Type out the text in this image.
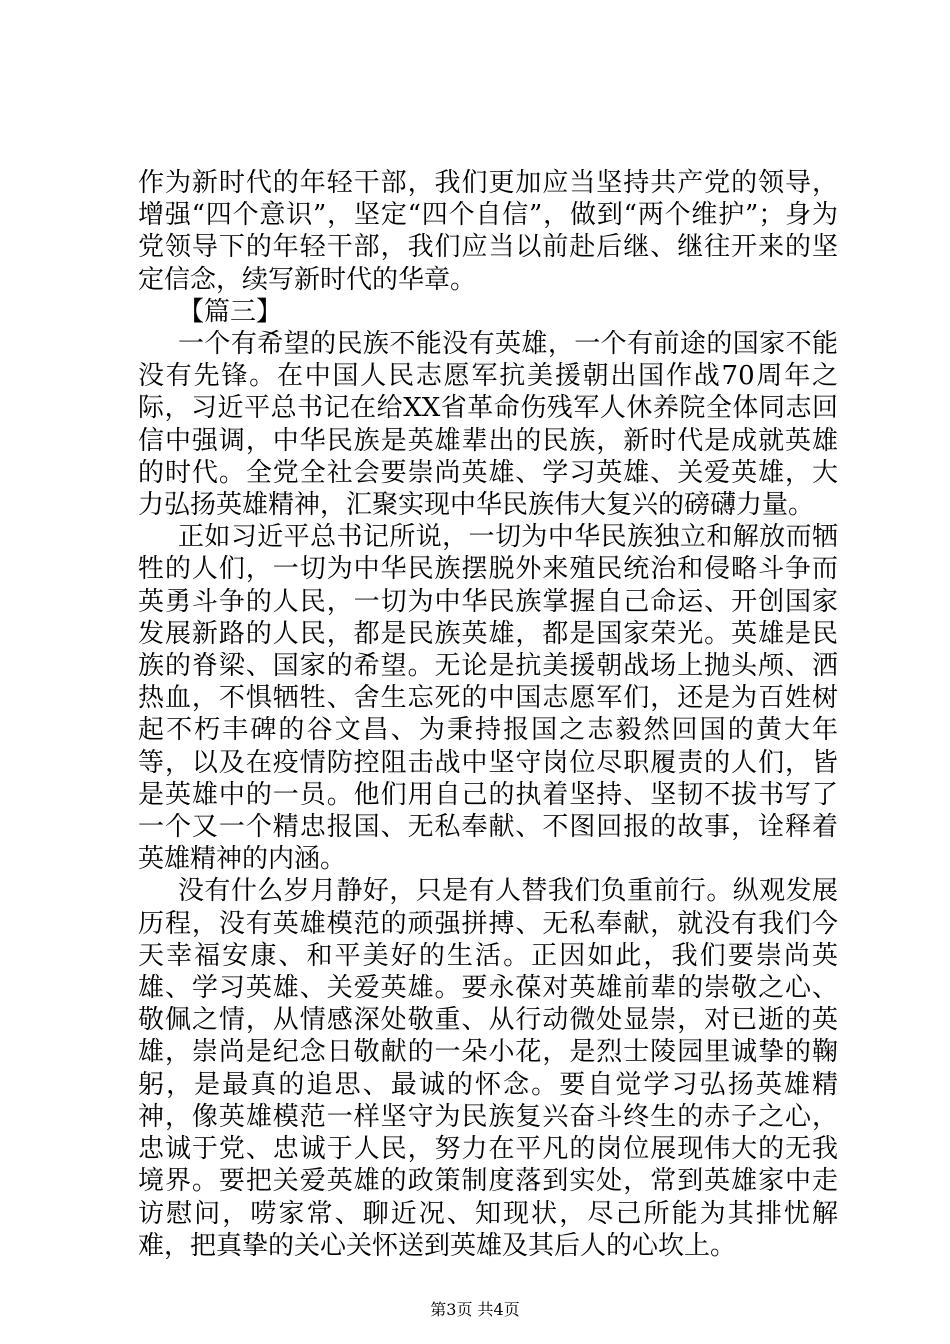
作为新时代的年轻干部，我们更加应当坚持共产党的领导，增强“四个意识”，坚定“四个自信”，做到“两个维护”；身为党领导下的年轻干部，我们应当以前赴后继、继往开来的坚定信念，续写新时代的华章。

【篇三】

一个有希望的民族不能没有英雄，一个有前途的国家不能没有先锋。在中国人民志愿军抗美援朝出国作战70周年之际，习近平总书记在给XX省革命伤残军人休养院全体同志回信中强调，中华民族是英雄辈出的民族，新时代是成就英雄的时代。全党全社会要崇尚英雄、学习英雄、关爱英雄，大力弘扬英雄精神，汇聚实现中华民族伟大复兴的磅礴力量。

正如习近平总书记所说，一切为中华民族独立和解放而牺牲的人们，一切为中华民族摆脱外来殖民统治和侵略斗争而英勇斗争的人民，一切为中华民族掌握自己命运、开创国家发展新路的人民，都是民族英雄，都是国家荣光。英雄是民族的脊梁、国家的希望。无论是抗美援朝战场上抛头颅、洒热血，不惧牺牲、舍生忘死的中国志愿军们，还是为百姓树起不朽丰碑的谷文昌、为秉持报国之志毅然回国的黄大年等，以及在疫情防控阻击战中坚守岗位尽职履责的人们，皆是英雄中的一员。他们用自己的执着坚持、坚韧不拔书写了一个又一个精忠报国、无私奉献、不图回报的故事，诠释着英雄精神的内涵。

没有什么岁月静好，只是有人替我们负重前行。纵观发展历程，没有英雄模范的顽强拼搏、无私奉献，就没有我们今天幸福安康、和平美好的生活。正因如此，我们要崇尚英雄、学习英雄、关爱英雄。要永葆对英雄前辈的崇敬之心、敬佩之情，从情感深处敬重、从行动微处显崇，对已逝的英雄，崇尚是纪念日敬献的一朵小花，是烈士陵园里诚挚的鞠躬，是最真的追思、最诚的怀念。要自觉学习弘扬英雄精神，像英雄模范一样坚守为民族复兴奋斗终生的赤子之心，忠诚于党、忠诚于人民，努力在平凡的岗位展现伟大的无我境界。要把关爱英雄的政策制度落到实处，常到英雄家中走访慰问，唠家常、聊近况、知现状，尽己所能为其排忧解难，把真挚的关心关怀送到英雄及其后人的心坎上。

第3页 共4页
